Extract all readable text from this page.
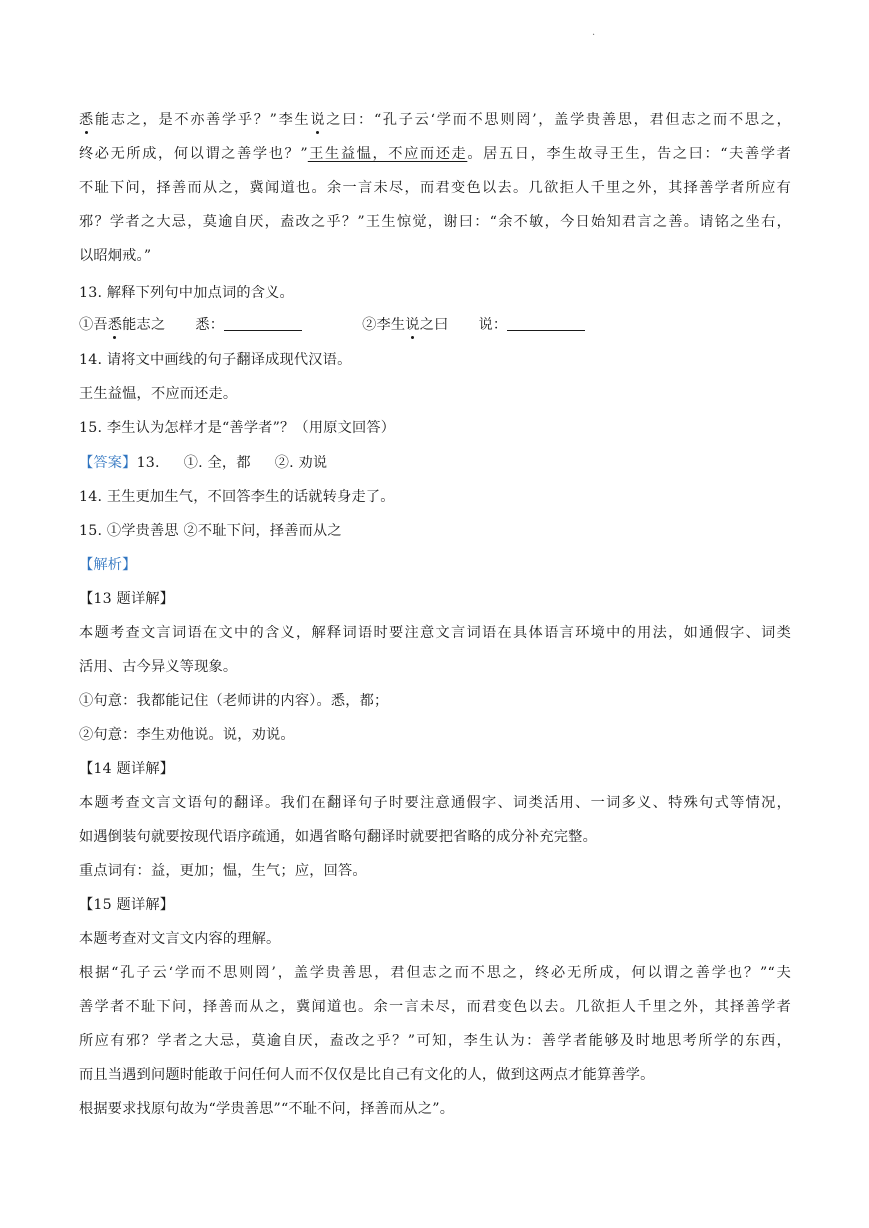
·
悉能志之，是不亦善学乎？”李生说之曰：“孔子云‘学而不思则罔’，盖学贵善思，君但志之而不思之，
终必无所成，何以谓之善学也？”王生益愠，不应而还走。居五日，李生故寻王生，告之曰：“夫善学者
不耻下问，择善而从之，冀闻道也。余一言未尽，而君变色以去。几欲拒人千里之外，其择善学者所应有
邪？学者之大忌，莫逾自厌，盍改之乎？”王生惊觉，谢曰：“余不敏，今日始知君言之善。请铭之坐右，
以昭炯戒。”
13. 解释下列句中加点词的含义。
①吾悉能志之 悉：	②李生说之曰 说：
14. 请将文中画线的句子翻译成现代汉语。
王生益愠，不应而还走。
15. 李生认为怎样才是“善学者”？（用原文回答）
【答案】13. ①. 全，都 ②. 劝说
14. 王生更加生气，不回答李生的话就转身走了。
15. ①学贵善思 ②不耻下问，择善而从之
【解析】
【13 题详解】
本题考查文言词语在文中的含义，解释词语时要注意文言词语在具体语言环境中的用法，如通假字、词类
活用、古今异义等现象。
①句意：我都能记住（老师讲的内容）。悉，都；
②句意：李生劝他说。说，劝说。
【14 题详解】
本题考查文言文语句的翻译。我们在翻译句子时要注意通假字、词类活用、一词多义、特殊句式等情况，
如遇倒装句就要按现代语序疏通，如遇省略句翻译时就要把省略的成分补充完整。
重点词有：益，更加；愠，生气；应，回答。
【15 题详解】
本题考查对文言文内容的理解。
根据“孔子云‘学而不思则罔’，盖学贵善思，君但志之而不思之，终必无所成，何以谓之善学也？”“夫
善学者不耻下问，择善而从之，冀闻道也。余一言未尽，而君变色以去。几欲拒人千里之外，其择善学者
所应有邪？学者之大忌，莫逾自厌，盍改之乎？”可知，李生认为：善学者能够及时地思考所学的东西，
而且当遇到问题时能敢于问任何人而不仅仅是比自己有文化的人，做到这两点才能算善学。
根据要求找原句故为“学贵善思”“不耻不问，择善而从之”。
